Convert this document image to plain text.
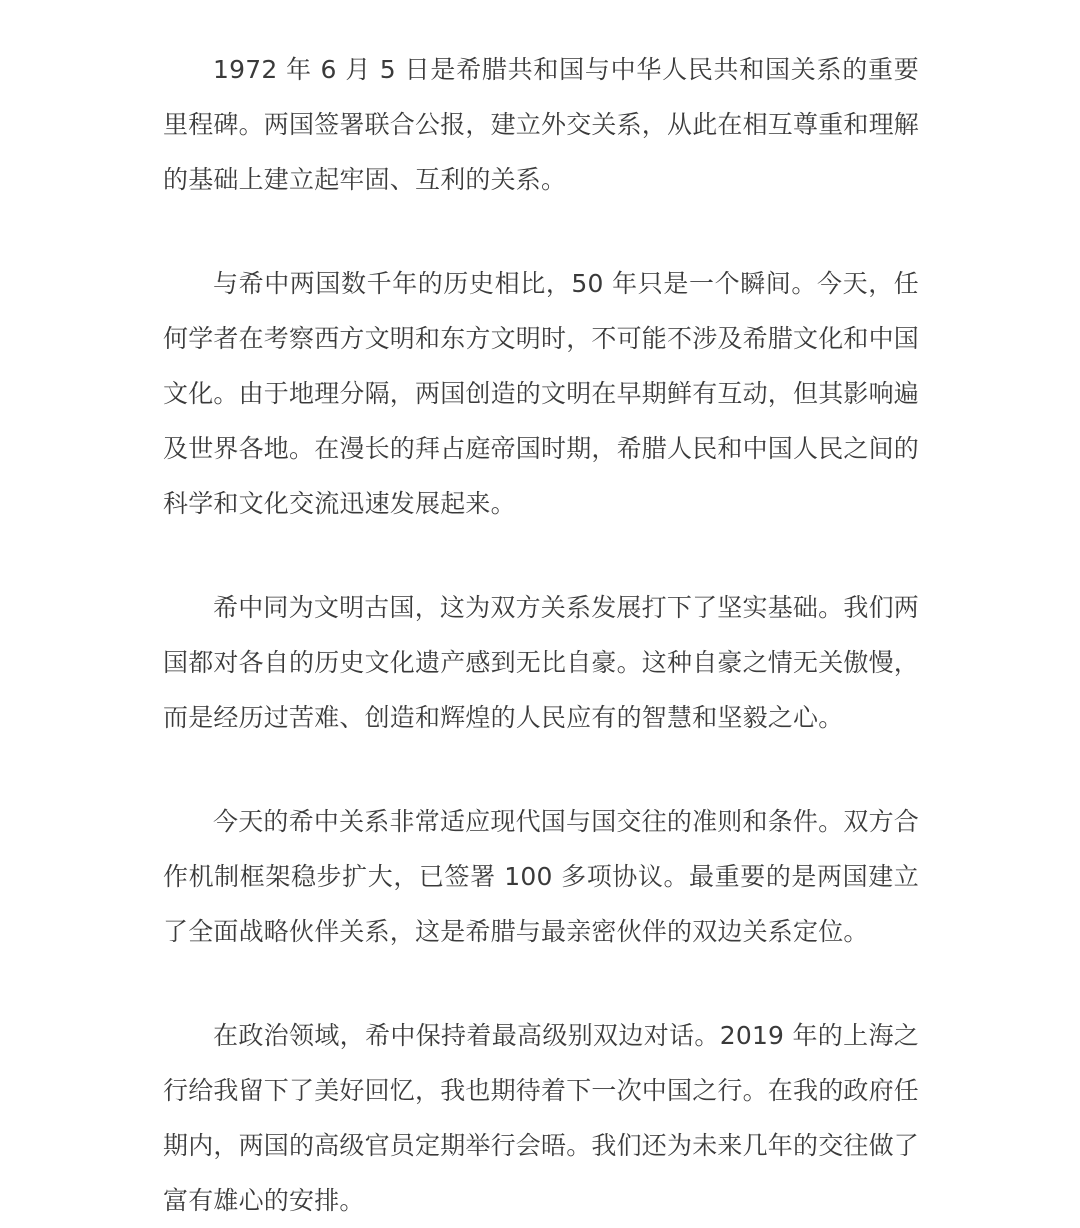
1972 年 6 月 5 日是希腊共和国与中华人民共和国关系的重要里程碑。两国签署联合公报，建立外交关系，从此在相互尊重和理解的基础上建立起牢固、互利的关系。

与希中两国数千年的历史相比，50 年只是一个瞬间。今天，任何学者在考察西方文明和东方文明时，不可能不涉及希腊文化和中国文化。由于地理分隔，两国创造的文明在早期鲜有互动，但其影响遍及世界各地。在漫长的拜占庭帝国时期，希腊人民和中国人民之间的科学和文化交流迅速发展起来。

希中同为文明古国，这为双方关系发展打下了坚实基础。我们两国都对各自的历史文化遗产感到无比自豪。这种自豪之情无关傲慢，而是经历过苦难、创造和辉煌的人民应有的智慧和坚毅之心。

今天的希中关系非常适应现代国与国交往的准则和条件。双方合作机制框架稳步扩大，已签署 100 多项协议。最重要的是两国建立了全面战略伙伴关系，这是希腊与最亲密伙伴的双边关系定位。

在政治领域，希中保持着最高级别双边对话。2019 年的上海之行给我留下了美好回忆，我也期待着下一次中国之行。在我的政府任期内，两国的高级官员定期举行会晤。我们还为未来几年的交往做了富有雄心的安排。
